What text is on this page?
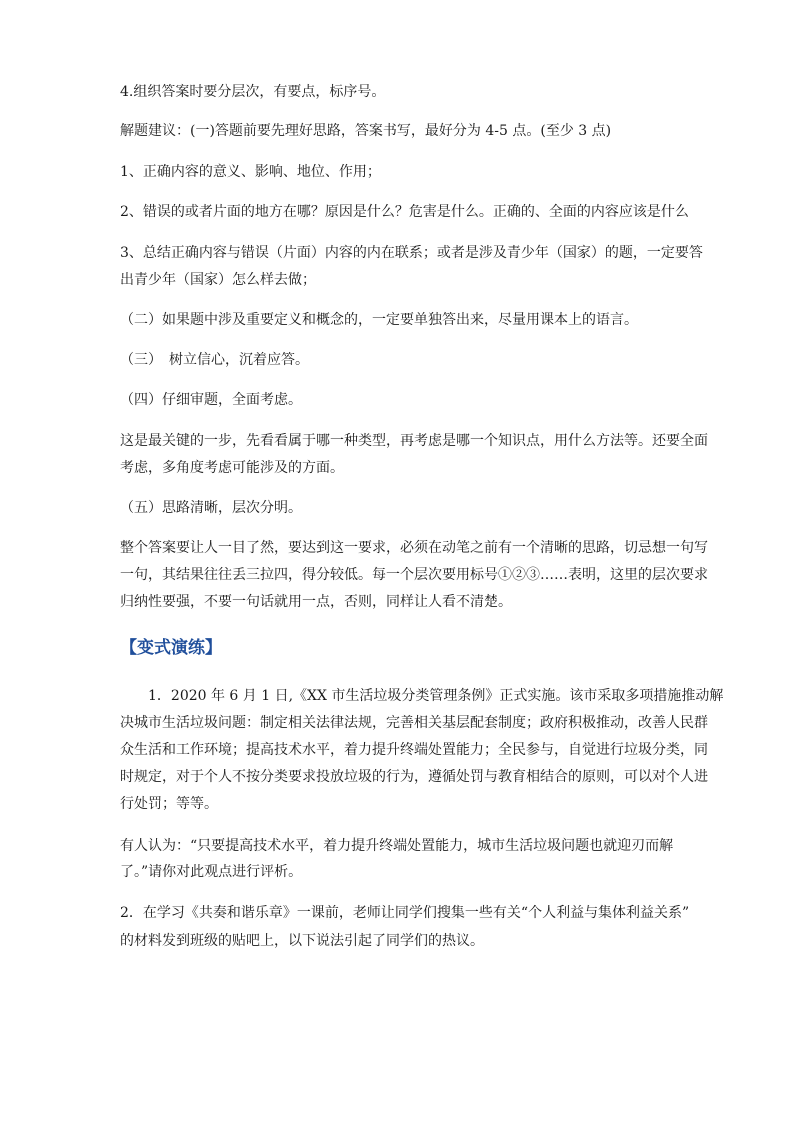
4.组织答案时要分层次，有要点，标序号。
解题建议：(一)答题前要先理好思路，答案书写，最好分为 4-5 点。(至少 3 点)
1、正确内容的意义、影响、地位、作用；
2、错误的或者片面的地方在哪？原因是什么？危害是什么。正确的、全面的内容应该是什么
3、总结正确内容与错误（片面）内容的内在联系；或者是涉及青少年（国家）的题，一定要答
出青少年（国家）怎么样去做；
（二）如果题中涉及重要定义和概念的，一定要单独答出来，尽量用课本上的语言。
（三）　树立信心，沉着应答。
（四）仔细审题，全面考虑。
这是最关键的一步，先看看属于哪一种类型，再考虑是哪一个知识点，用什么方法等。还要全面
考虑，多角度考虑可能涉及的方面。
（五）思路清晰，层次分明。
整个答案要让人一目了然，要达到这一要求，必须在动笔之前有一个清晰的思路，切忌想一句写
一句，其结果往往丢三拉四，得分较低。每一个层次要用标号①②③……表明，这里的层次要求
归纳性要强，不要一句话就用一点，否则，同样让人看不清楚。
【变式演练】
1．2020 年 6 月 1 日,《XX 市生活垃圾分类管理条例》正式实施。该市采取多项措施推动解
决城市生活垃圾问题：制定相关法律法规，完善相关基层配套制度；政府积极推动，改善人民群
众生活和工作环境；提高技术水平，着力提升终端处置能力；全民参与，自觉进行垃圾分类，同
时规定，对于个人不按分类要求投放垃圾的行为，遵循处罚与教育相结合的原则，可以对个人进
行处罚；等等。
有人认为：“只要提高技术水平，着力提升终端处置能力，城市生活垃圾问题也就迎刃而解
了。”请你对此观点进行评析。
2．在学习《共奏和谐乐章》一课前，老师让同学们搜集一些有关“个人利益与集体利益关系”
的材料发到班级的贴吧上，以下说法引起了同学们的热议。
